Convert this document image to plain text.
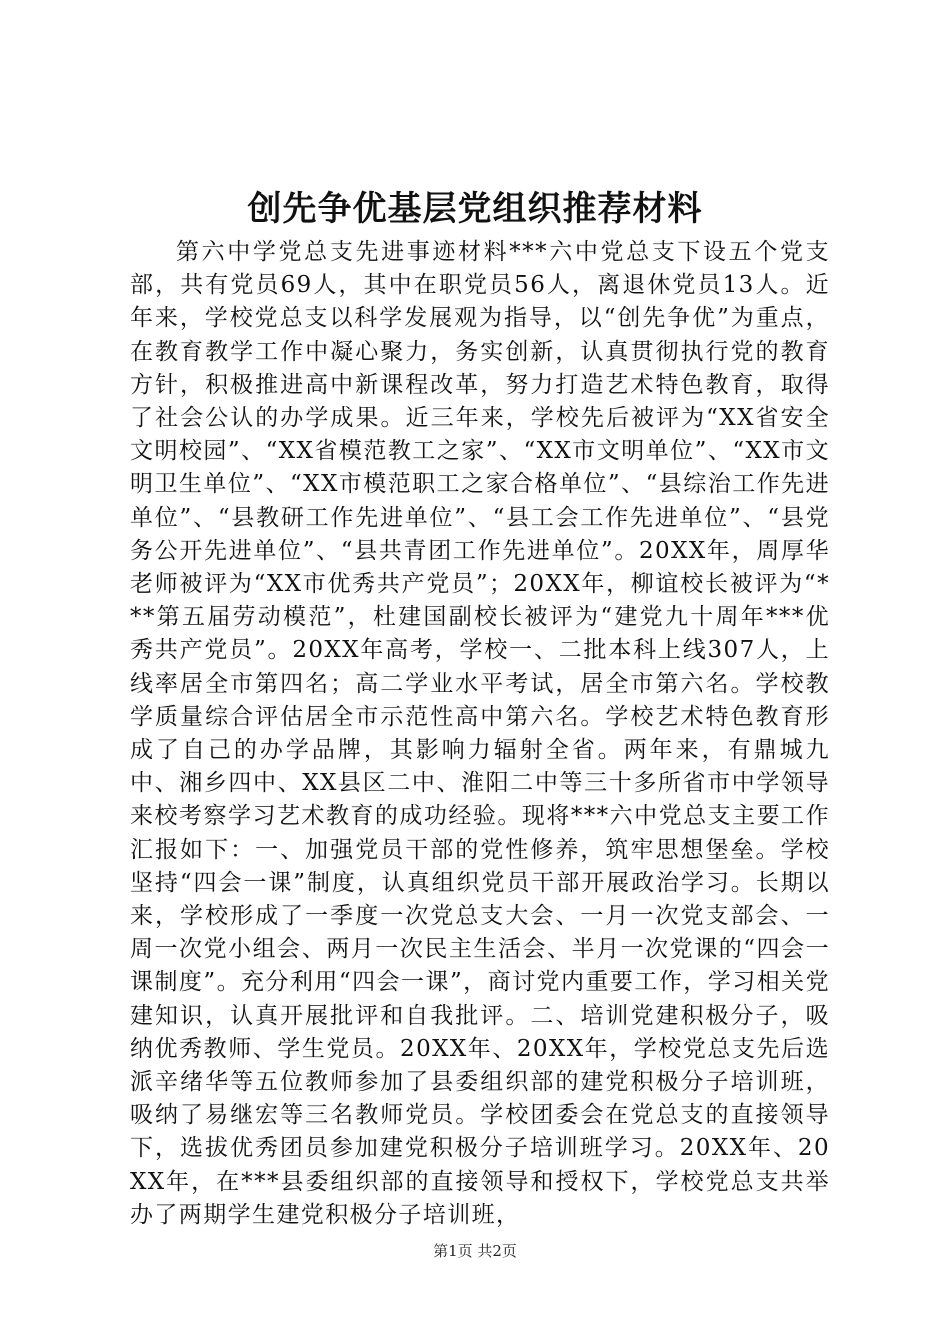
创先争优基层党组织推荐材料

第六中学党总支先进事迹材料***六中党总支下设五个党支部，共有党员69人，其中在职党员56人，离退休党员13人。近年来，学校党总支以科学发展观为指导，以“创先争优”为重点，在教育教学工作中凝心聚力，务实创新，认真贯彻执行党的教育方针，积极推进高中新课程改革，努力打造艺术特色教育，取得了社会公认的办学成果。近三年来，学校先后被评为“XX省安全文明校园”、“XX省模范教工之家”、“XX市文明单位”、“XX市文明卫生单位”、“XX市模范职工之家合格单位”、“县综治工作先进单位”、“县教研工作先进单位”、“县工会工作先进单位”、“县党务公开先进单位”、“县共青团工作先进单位”。20XX年，周厚华老师被评为“XX市优秀共产党员”；20XX年，柳谊校长被评为“***第五届劳动模范”，杜建国副校长被评为“建党九十周年***优秀共产党员”。20XX年高考，学校一、二批本科上线307人，上线率居全市第四名；高二学业水平考试，居全市第六名。学校教学质量综合评估居全市示范性高中第六名。学校艺术特色教育形成了自己的办学品牌，其影响力辐射全省。两年来，有鼎城九中、湘乡四中、XX县区二中、淮阳二中等三十多所省市中学领导来校考察学习艺术教育的成功经验。现将***六中党总支主要工作汇报如下：一、加强党员干部的党性修养，筑牢思想堡垒。学校坚持“四会一课”制度，认真组织党员干部开展政治学习。长期以来，学校形成了一季度一次党总支大会、一月一次党支部会、一周一次党小组会、两月一次民主生活会、半月一次党课的“四会一课制度”。充分利用“四会一课”，商讨党内重要工作，学习相关党建知识，认真开展批评和自我批评。二、培训党建积极分子，吸纳优秀教师、学生党员。20XX年、20XX年，学校党总支先后选派辛绪华等五位教师参加了县委组织部的建党积极分子培训班，吸纳了易继宏等三名教师党员。学校团委会在党总支的直接领导下，选拔优秀团员参加建党积极分子培训班学习。20XX年、20XX年，在***县委组织部的直接领导和授权下，学校党总支共举办了两期学生建党积极分子培训班，

第1页 共2页
